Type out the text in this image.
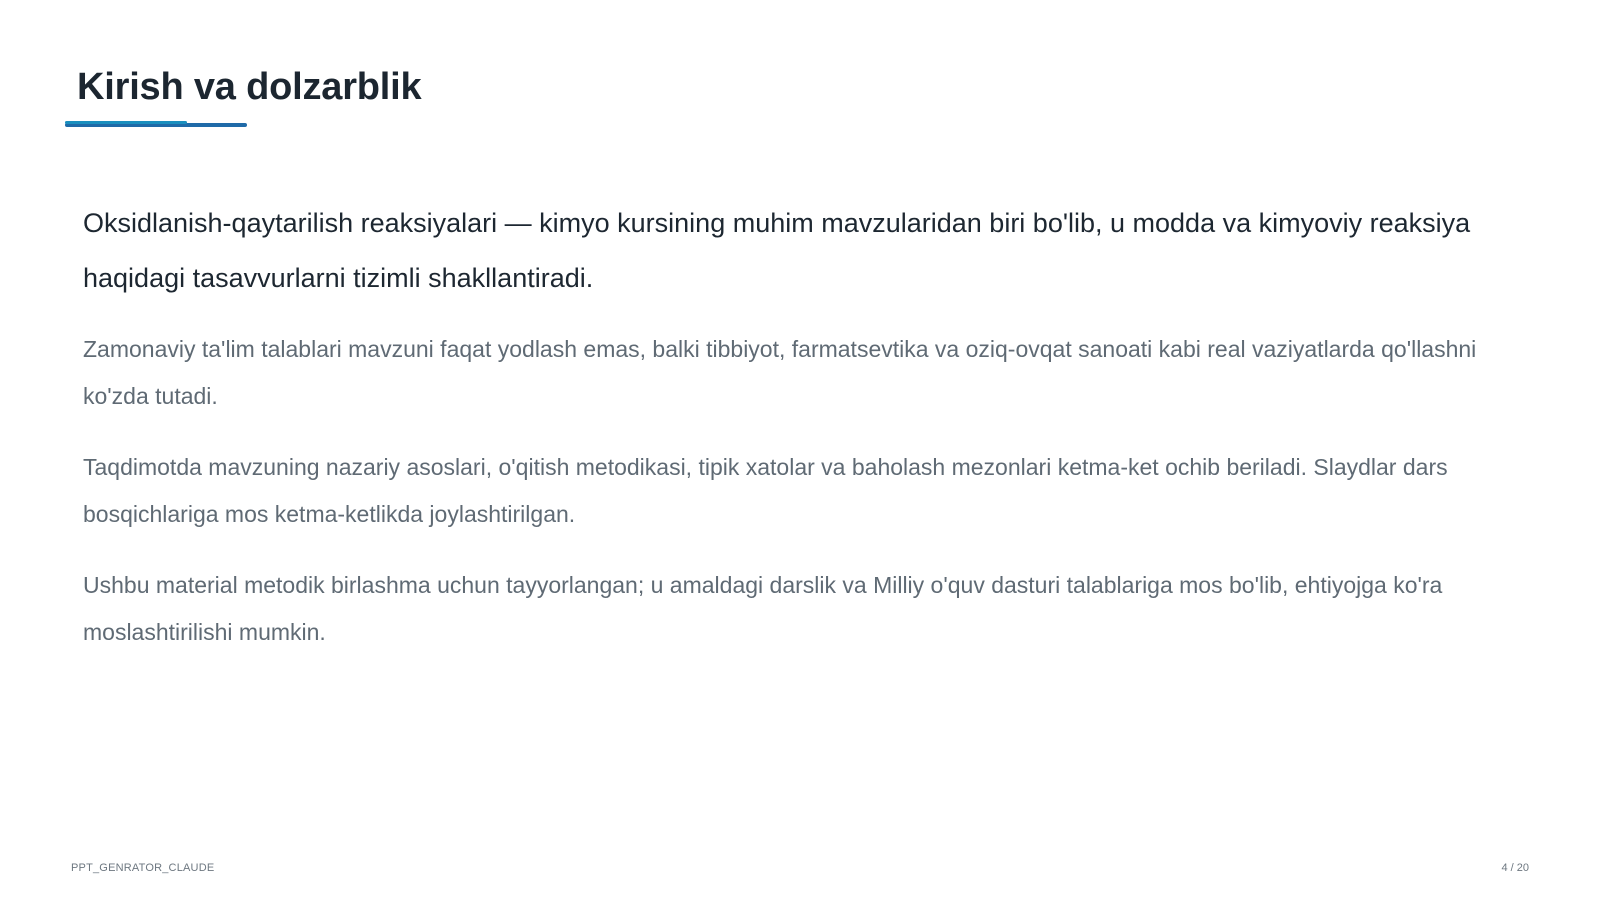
Kirish va dolzarblik

Oksidlanish-qaytarilish reaksiyalari — kimyo kursining muhim mavzularidan biri bo'lib, u modda va kimyoviy reaksiya haqidagi tasavvurlarni tizimli shakllantiradi.

Zamonaviy ta'lim talablari mavzuni faqat yodlash emas, balki tibbiyot, farmatsevtika va oziq-ovqat sanoati kabi real vaziyatlarda qo'llashni ko'zda tutadi.

Taqdimotda mavzuning nazariy asoslari, o'qitish metodikasi, tipik xatolar va baholash mezonlari ketma-ket ochib beriladi. Slaydlar dars bosqichlariga mos ketma-ketlikda joylashtirilgan.

Ushbu material metodik birlashma uchun tayyorlangan; u amaldagi darslik va Milliy o'quv dasturi talablariga mos bo'lib, ehtiyojga ko'ra moslashtirilishi mumkin.

PPT_GENRATOR_CLAUDE	4 / 20
